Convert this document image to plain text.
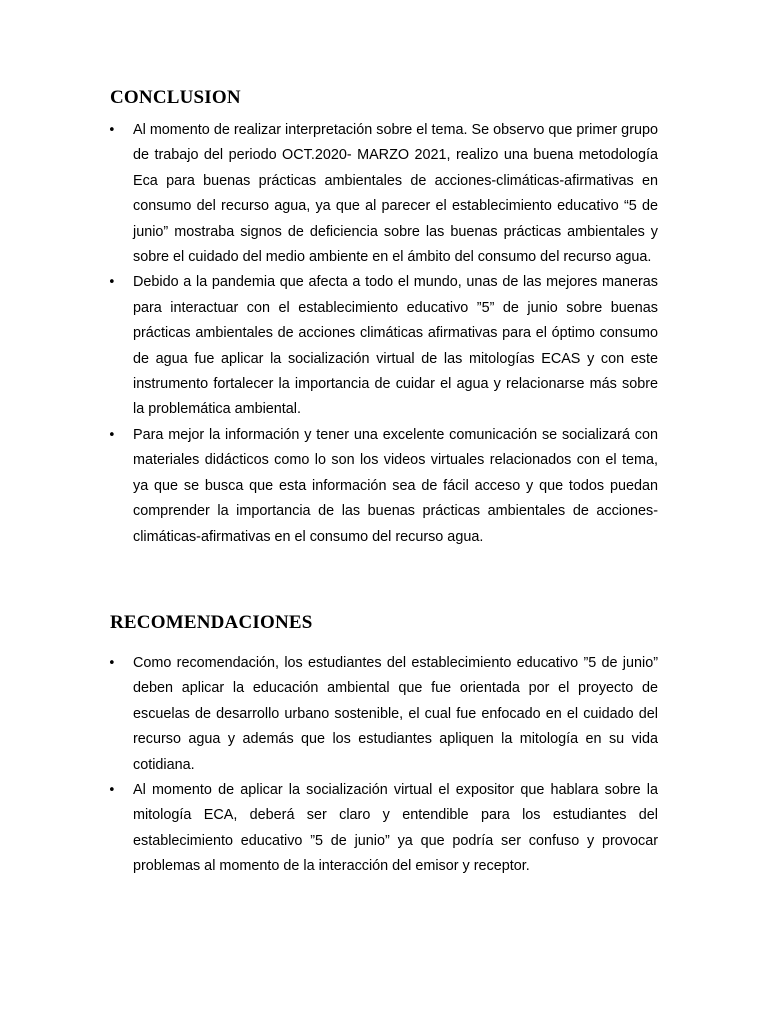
CONCLUSION
•	Al momento de realizar interpretación sobre el tema. Se observo que primer grupo de trabajo del periodo OCT.2020- MARZO 2021, realizo una buena metodología Eca para buenas prácticas ambientales de acciones-climáticas-afirmativas en consumo del recurso agua, ya que al parecer el establecimiento educativo “5 de junio” mostraba signos de deficiencia sobre las buenas prácticas ambientales y sobre el cuidado del medio ambiente en el ámbito del consumo del recurso agua.
•	Debido a la pandemia que afecta a todo el mundo, unas de las mejores maneras para interactuar con el establecimiento educativo ”5” de junio sobre buenas prácticas ambientales de acciones climáticas afirmativas para el óptimo consumo de agua fue aplicar la socialización virtual de las mitologías ECAS y con este instrumento fortalecer la importancia de cuidar el agua y relacionarse más sobre la problemática ambiental.
•	Para mejor la información y tener una excelente comunicación se socializará con materiales didácticos como lo son los videos virtuales relacionados con el tema, ya que se busca que esta información sea de fácil acceso y que todos puedan comprender la importancia de las buenas prácticas ambientales de acciones-climáticas-afirmativas en el consumo del recurso agua.
RECOMENDACIONES
•	Como recomendación, los estudiantes del establecimiento educativo ”5 de junio” deben aplicar la educación ambiental que fue orientada por el proyecto de escuelas de desarrollo urbano sostenible, el cual fue enfocado en el cuidado del recurso agua y además que los estudiantes apliquen la mitología en su vida cotidiana.
•	Al momento de aplicar la socialización virtual el expositor que hablara sobre la mitología ECA, deberá ser claro y entendible para los estudiantes del establecimiento educativo ”5 de junio” ya que podría ser confuso y provocar problemas al momento de la interacción del emisor y receptor.
